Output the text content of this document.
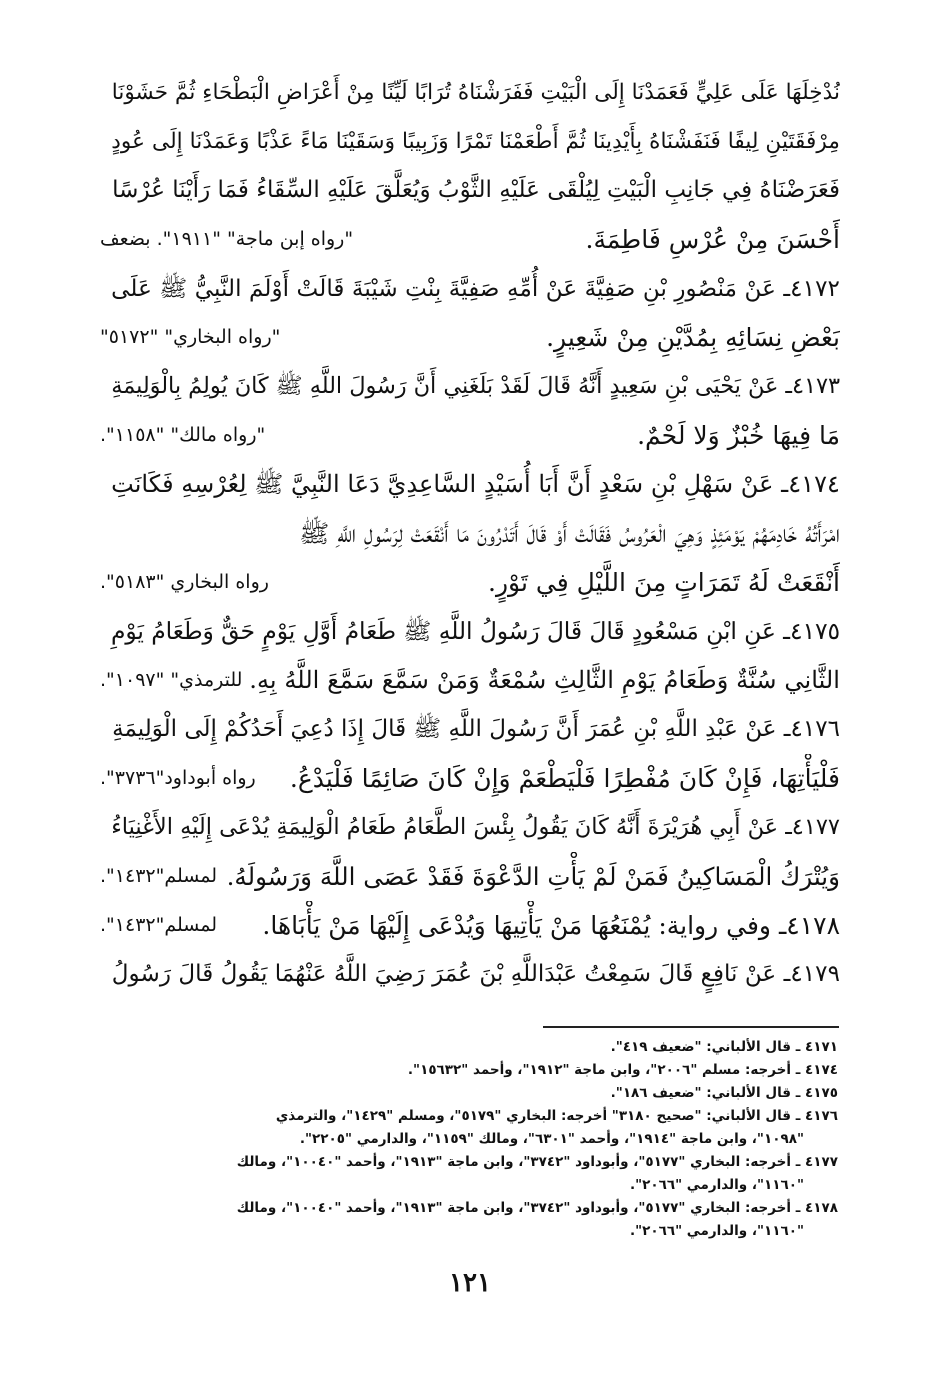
نُدْخِلَهَا عَلَى عَلِيٍّ فَعَمَدْنَا إِلَى الْبَيْتِ فَفَرَشْنَاهُ تُرَابًا لَيِّنًا مِنْ أَعْرَاضِ الْبَطْحَاءِ ثُمَّ حَشَوْنَا
مِرْفَقَتَيْنِ لِيفًا فَنَفَشْنَاهُ بِأَيْدِينَا ثُمَّ أَطْعَمْنَا تَمْرًا وَزَبِيبًا وَسَقَيْنَا مَاءً عَذْبًا وَعَمَدْنَا إِلَى عُودٍ
فَعَرَضْنَاهُ فِي جَانِبِ الْبَيْتِ لِيُلْقَى عَلَيْهِ الثَّوْبُ وَيُعَلَّقَ عَلَيْهِ السِّقَاءُ فَمَا رَأَيْنَا عُرْسًا
أَحْسَنَ مِنْ عُرْسِ فَاطِمَةَ.
"رواه إبن ماجة" "١٩١١". بضعف
٤١٧٢ـ عَنْ مَنْصُورِ بْنِ صَفِيَّةَ عَنْ أُمِّهِ صَفِيَّةَ بِنْتِ شَيْبَةَ قَالَتْ أَوْلَمَ النَّبِيُّ ﷺ عَلَى
بَعْضِ نِسَائِهِ بِمُدَّيْنِ مِنْ شَعِيرٍ.
"رواه البخاري" "٥١٧٢"
٤١٧٣ـ عَنْ يَحْيَى بْنِ سَعِيدٍ أَنَّهُ قَالَ لَقَدْ بَلَغَنِي أَنَّ رَسُولَ اللَّهِ ﷺ كَانَ يُولِمُ بِالْوَلِيمَةِ
مَا فِيهَا خُبْزٌ وَلا لَحْمٌ.
"رواه مالك" "١١٥٨".
٤١٧٤ـ عَنْ سَهْلِ بْنِ سَعْدٍ أَنَّ أَبَا أُسَيْدٍ السَّاعِدِيَّ دَعَا النَّبِيَّ ﷺ لِعُرْسِهِ فَكَانَتِ
امْرَأَتُهُ خَادِمَهُمْ يَوْمَئِذٍ وَهِيَ الْعَرُوسُ فَقَالَتْ أَوْ قَالَ أَتَدْرُونَ مَا أَنْقَعَتْ لِرَسُولِ اللَّهِ ﷺ
أَنْقَعَتْ لَهُ تَمَرَاتٍ مِنَ اللَّيْلِ فِي تَوْرٍ.
رواه البخاري "٥١٨٣".
٤١٧٥ـ عَنِ ابْنِ مَسْعُودٍ قَالَ قَالَ رَسُولُ اللَّهِ ﷺ طَعَامُ أَوَّلِ يَوْمٍ حَقٌّ وَطَعَامُ يَوْمِ
الثَّانِي سُنَّةٌ وَطَعَامُ يَوْمِ الثَّالِثِ سُمْعَةٌ وَمَنْ سَمَّعَ سَمَّعَ اللَّهُ بِهِ.
للترمذي" "١٠٩٧".
٤١٧٦ـ عَنْ عَبْدِ اللَّهِ بْنِ عُمَرَ أَنَّ رَسُولَ اللَّهِ ﷺ قَالَ إِذَا دُعِيَ أَحَدُكُمْ إِلَى الْوَلِيمَةِ
فَلْيَأْتِهَا، فَإِنْ كَانَ مُفْطِرًا فَلْيَطْعَمْ وَإِنْ كَانَ صَائِمًا فَلْيَدْعُ.
رواه أبوداود"٣٧٣٦".
٤١٧٧ـ عَنْ أَبِي هُرَيْرَةَ أَنَّهُ كَانَ يَقُولُ بِئْسَ الطَّعَامُ طَعَامُ الْوَلِيمَةِ يُدْعَى إِلَيْهِ الأَغْنِيَاءُ
وَيُتْرَكُ الْمَسَاكِينُ فَمَنْ لَمْ يَأْتِ الدَّعْوَةَ فَقَدْ عَصَى اللَّهَ وَرَسُولَهُ.
لمسلم"١٤٣٢".
٤١٧٨ـ وفي رواية: يُمْنَعُهَا مَنْ يَأْتِيهَا وَيُدْعَى إِلَيْهَا مَنْ يَأْبَاهَا.
لمسلم"١٤٣٢".
٤١٧٩ـ عَنْ نَافِعٍ قَالَ سَمِعْتُ عَبْدَاللَّهِ بْنَ عُمَرَ رَضِيَ اللَّهُ عَنْهُمَا يَقُولُ قَالَ رَسُولُ
٤١٧١ ـ قال الألباني: "ضعيف ٤١٩".
٤١٧٤ ـ أخرجه: مسلم "٢٠٠٦"، وابن ماجة "١٩١٢"، وأحمد "١٥٦٣٢".
٤١٧٥ ـ قال الألباني: "ضعيف ١٨٦".
٤١٧٦ ـ قال الألباني: "صحيح ٣١٨٠" أخرجه: البخاري "٥١٧٩"، ومسلم "١٤٢٩"، والترمذي
"١٠٩٨"، وابن ماجة "١٩١٤"، وأحمد "٦٣٠١"، ومالك "١١٥٩"، والدارمي "٢٢٠٥".
٤١٧٧ ـ أخرجه: البخاري "٥١٧٧"، وأبوداود "٣٧٤٢"، وابن ماجة "١٩١٣"، وأحمد "١٠٠٤٠"، ومالك
"١١٦٠"، والدارمي "٢٠٦٦".
٤١٧٨ ـ أخرجه: البخاري "٥١٧٧"، وأبوداود "٣٧٤٢"، وابن ماجة "١٩١٣"، وأحمد "١٠٠٤٠"، ومالك
"١١٦٠"، والدارمي "٢٠٦٦".
١٢١
